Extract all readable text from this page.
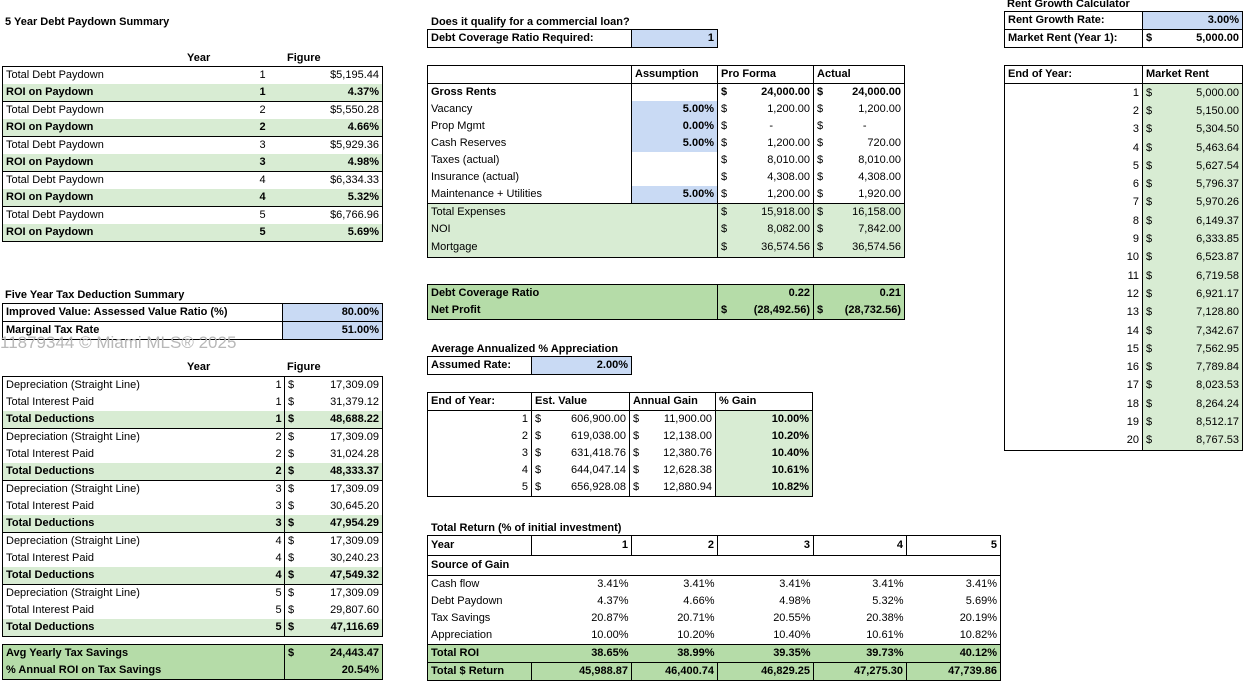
5 Year Debt Paydown Summary
Year	Figure
Total Debt Paydown	1	$5,195.44
ROI on Paydown	1	4.37%
Total Debt Paydown	2	$5,550.28
ROI on Paydown	2	4.66%
Total Debt Paydown	3	$5,929.36
ROI on Paydown	3	4.98%
Total Debt Paydown	4	$6,334.33
ROI on Paydown	4	5.32%
Total Debt Paydown	5	$6,766.96
ROI on Paydown	5	5.69%
Five Year Tax Deduction Summary
Improved Value: Assessed Value Ratio (%)	80.00%
Marginal Tax Rate	51.00%
11879344 © Miami MLS® 2025
Year	Figure
Depreciation (Straight Line)	1	$	17,309.09
Total Interest Paid	1	$	31,379.12
Total Deductions	1	$	48,688.22
Depreciation (Straight Line)	2	$	17,309.09
Total Interest Paid	2	$	31,024.28
Total Deductions	2	$	48,333.37
Depreciation (Straight Line)	3	$	17,309.09
Total Interest Paid	3	$	30,645.20
Total Deductions	3	$	47,954.29
Depreciation (Straight Line)	4	$	17,309.09
Total Interest Paid	4	$	30,240.23
Total Deductions	4	$	47,549.32
Depreciation (Straight Line)	5	$	17,309.09
Total Interest Paid	5	$	29,807.60
Total Deductions	5	$	47,116.69
Avg Yearly Tax Savings	$	24,443.47
% Annual ROI on Tax Savings		20.54%
Does it qualify for a commercial loan?
Debt Coverage Ratio Required:	1
	Assumption	Pro Forma		Actual	
Gross Rents		$	24,000.00	$	24,000.00
Vacancy	5.00%	$	1,200.00	$	1,200.00
Prop Mgmt	0.00%	$	-	$	-
Cash Reserves	5.00%	$	1,200.00	$	720.00
Taxes (actual)		$	8,010.00	$	8,010.00
Insurance (actual)		$	4,308.00	$	4,308.00
Maintenance + Utilities	5.00%	$	1,200.00	$	1,920.00
Total Expenses		$	15,918.00	$	16,158.00
NOI		$	8,082.00	$	7,842.00
Mortgage		$	36,574.56	$	36,574.56
Debt Coverage Ratio		0.22		0.21
Net Profit	$	(28,492.56)	$	(28,732.56)
Average Annualized % Appreciation
Assumed Rate:	2.00%
End of Year:	Est. Value		Annual Gain		% Gain
1	$	606,900.00	$	11,900.00	10.00%
2	$	619,038.00	$	12,138.00	10.20%
3	$	631,418.76	$	12,380.76	10.40%
4	$	644,047.14	$	12,628.38	10.61%
5	$	656,928.08	$	12,880.94	10.82%
Total Return (% of initial investment)
Year	1	2	3	4	5
Source of Gain					
Cash flow	3.41%	3.41%	3.41%	3.41%	3.41%
Debt Paydown	4.37%	4.66%	4.98%	5.32%	5.69%
Tax Savings	20.87%	20.71%	20.55%	20.38%	20.19%
Appreciation	10.00%	10.20%	10.40%	10.61%	10.82%
Total ROI	38.65%	38.99%	39.35%	39.73%	40.12%
Total $ Return	45,988.87	46,400.74	46,829.25	47,275.30	47,739.86
Rent Growth Calculator
Rent Growth Rate:		3.00%
Market Rent (Year 1):	$	5,000.00
End of Year:	Market Rent	
1	$	5,000.00
2	$	5,150.00
3	$	5,304.50
4	$	5,463.64
5	$	5,627.54
6	$	5,796.37
7	$	5,970.26
8	$	6,149.37
9	$	6,333.85
10	$	6,523.87
11	$	6,719.58
12	$	6,921.17
13	$	7,128.80
14	$	7,342.67
15	$	7,562.95
16	$	7,789.84
17	$	8,023.53
18	$	8,264.24
19	$	8,512.17
20	$	8,767.53
